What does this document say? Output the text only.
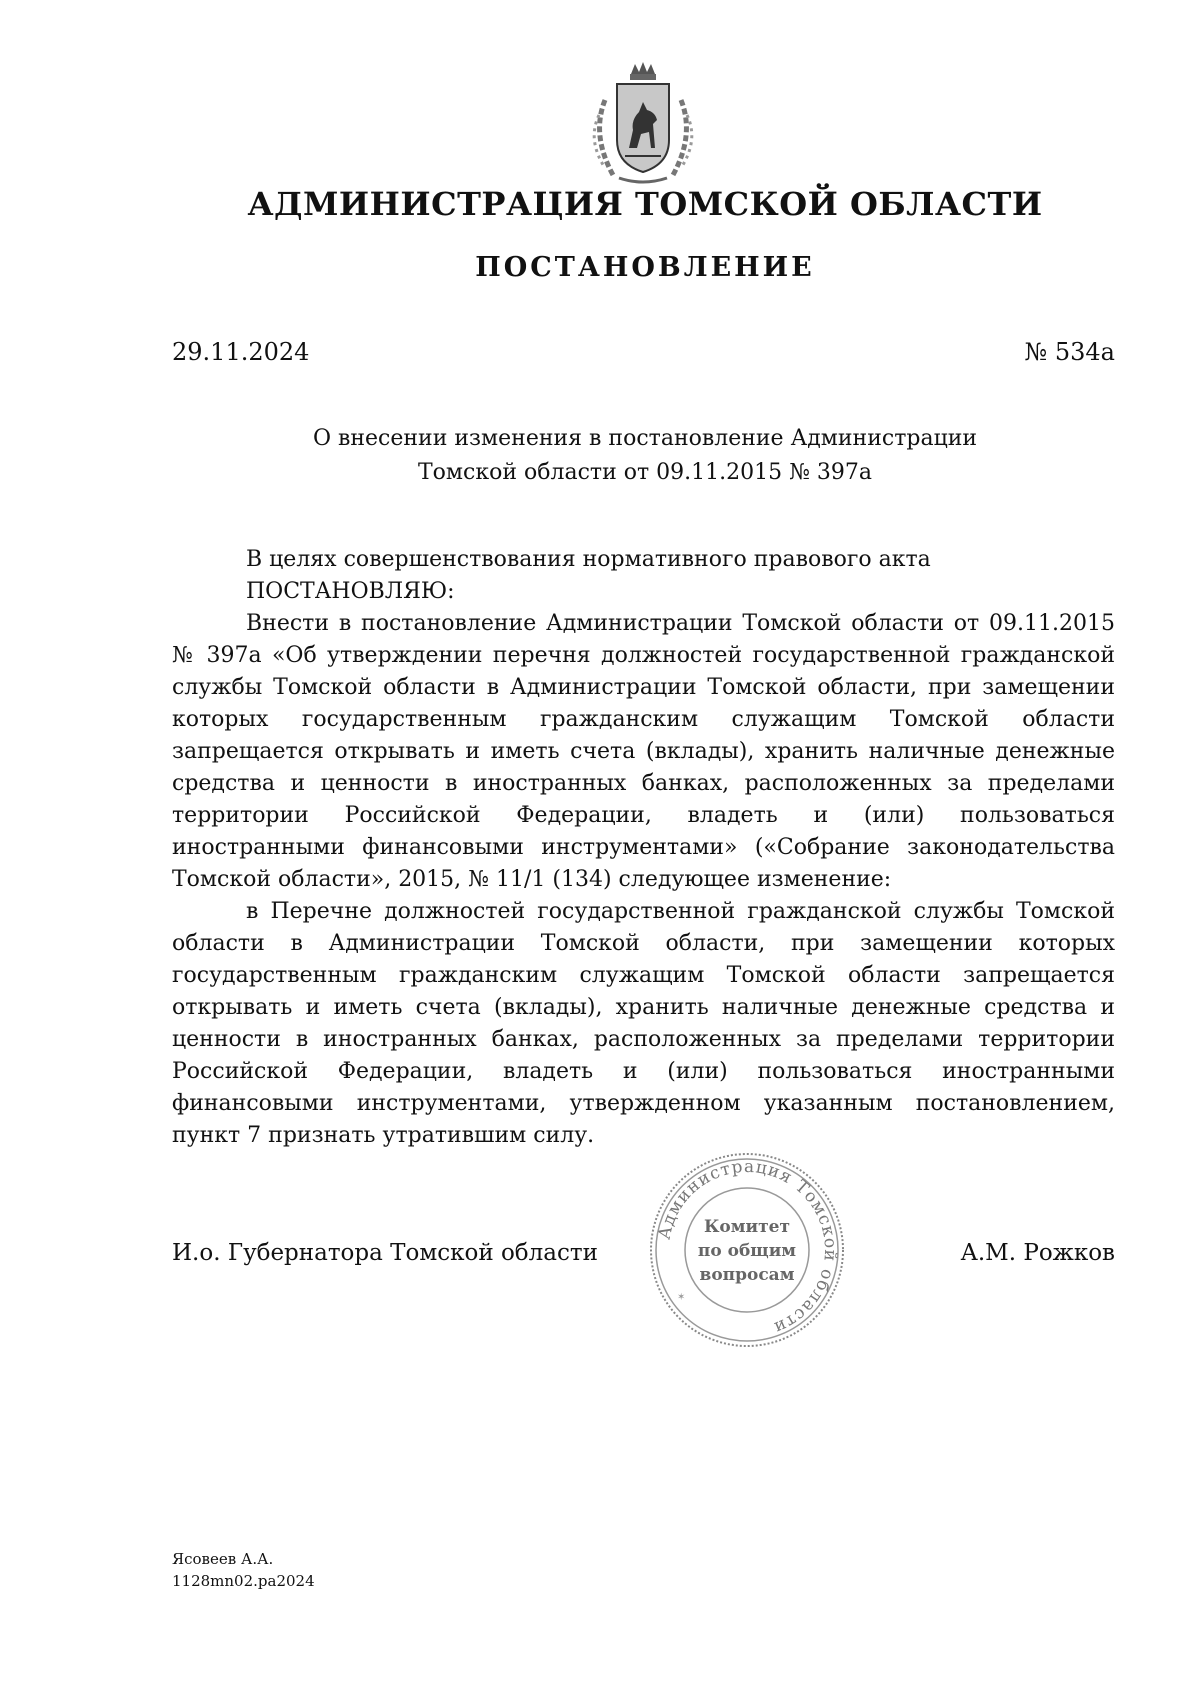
АДМИНИСТРАЦИЯ ТОМСКОЙ ОБЛАСТИ
ПОСТАНОВЛЕНИЕ
29.11.2024	№ 534а
О внесении изменения в постановление Администрации
Томской области от 09.11.2015 № 397а

В целях совершенствования нормативного правового акта

ПОСТАНОВЛЯЮ:

Внести в постановление Администрации Томской области от 09.11.2015 № 397а «Об утверждении перечня должностей государственной гражданской службы Томской области в Администрации Томской области, при замещении которых государственным гражданским служащим Томской области запрещается открывать и иметь счета (вклады), хранить наличные денежные средства и ценности в иностранных банках, расположенных за пределами территории Российской Федерации, владеть и (или) пользоваться иностранными финансовыми инструментами» («Собрание законодательства Томской области», 2015, № 11/1 (134) следующее изменение:

в Перечне должностей государственной гражданской службы Томской области в Администрации Томской области, при замещении которых государственным гражданским служащим Томской области запрещается открывать и иметь счета (вклады), хранить наличные денежные средства и ценности в иностранных банках, расположенных за пределами территории Российской Федерации, владеть и (или) пользоваться иностранными финансовыми инструментами, утвержденном указанным постановлением, пункт 7 признать утратившим силу.

И.о. Губернатора Томской области	А.М. Рожков
Администрация Томской области
Комитет
по общим
вопросам
✶
Ясовеев А.А.
1128mn02.pa2024
